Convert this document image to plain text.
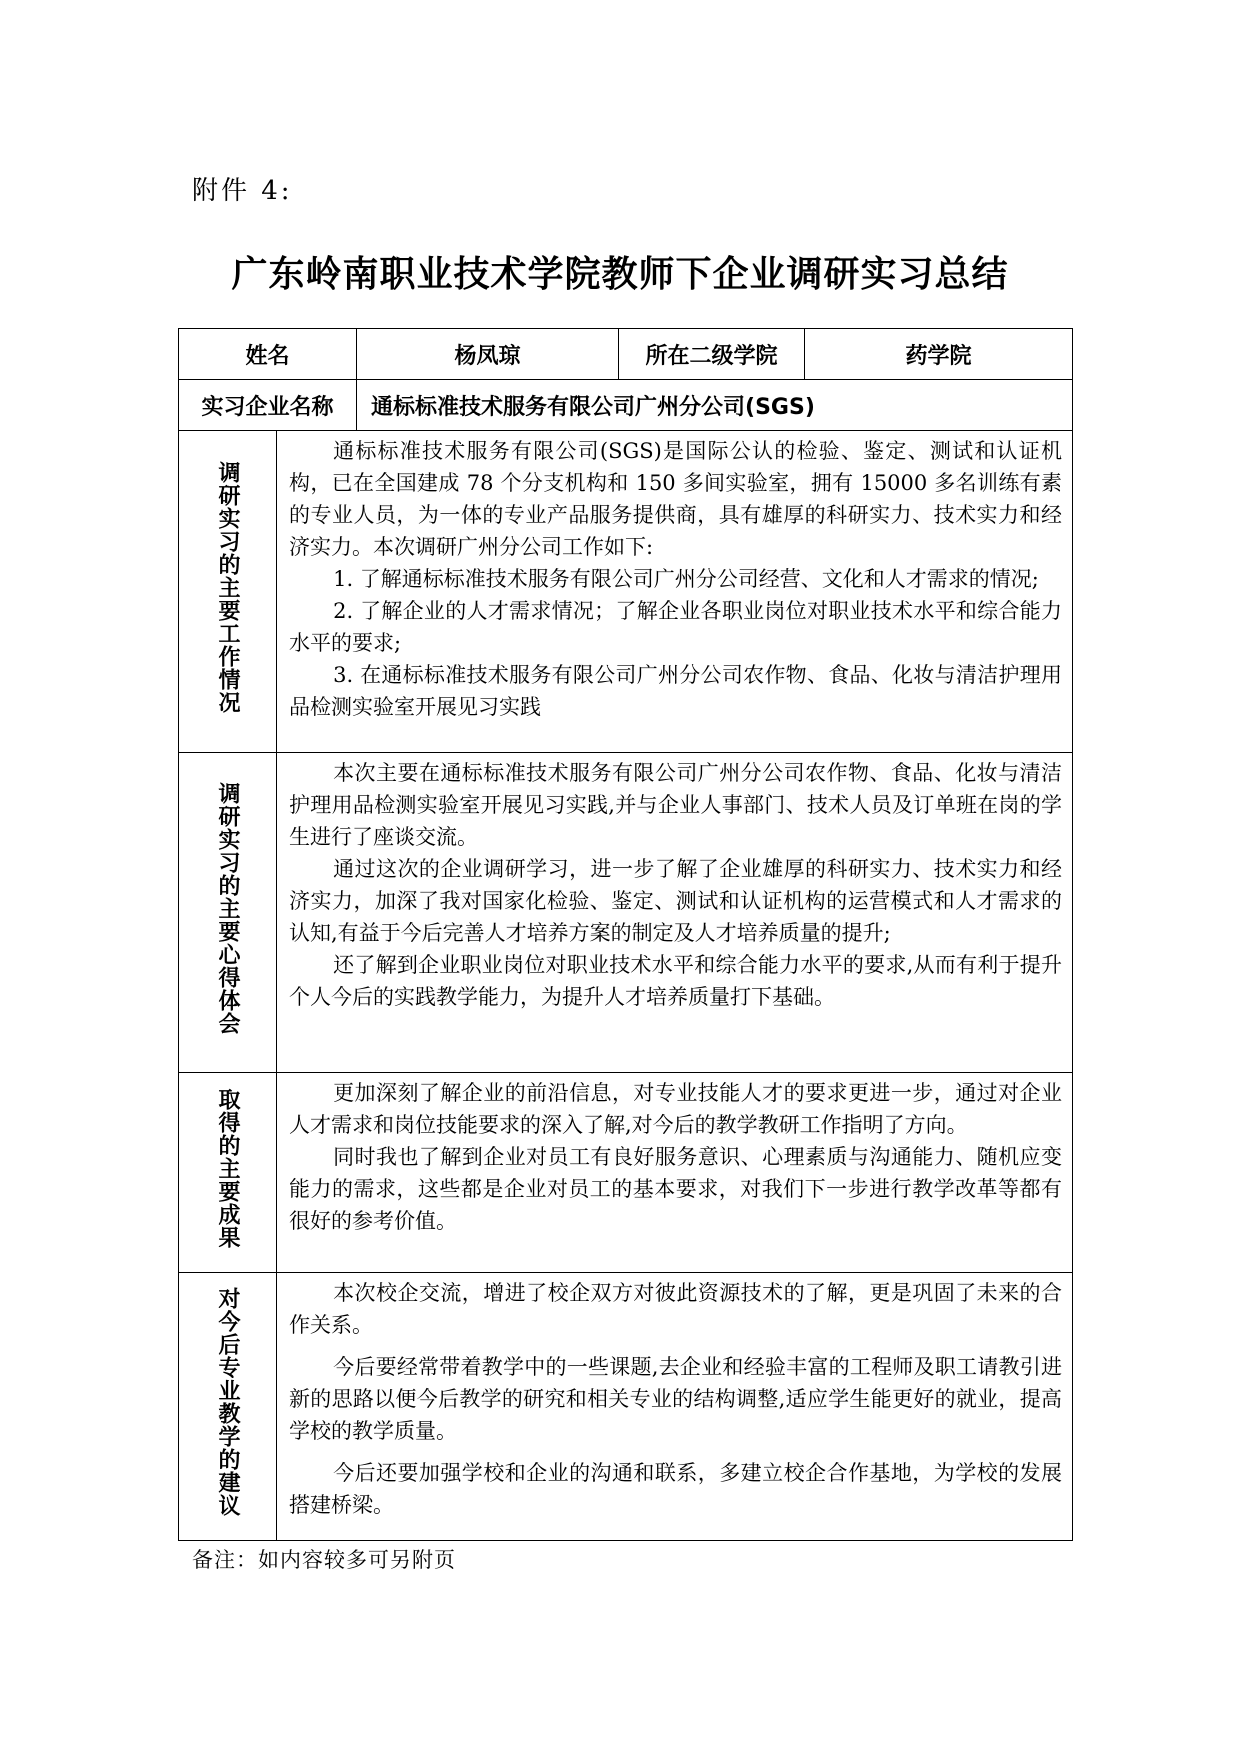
附件 4:
广东岭南职业技术学院教师下企业调研实习总结
姓名		杨凤琼	所在二级学院	药学院
实习企业名称		通标标准技术服务有限公司广州分公司(SGS)		
调研实习的主要工作情况	通标标准技术服务有限公司(SGS)是国际公认的检验、鉴定、测试和认证机构，已在全国建成 78 个分支机构和 150 多间实验室，拥有 15000 多名训练有素的专业人员，为一体的专业产品服务提供商，具有雄厚的科研实力、技术实力和经济实力。本次调研广州分公司工作如下:

1. 了解通标标准技术服务有限公司广州分公司经营、文化和人才需求的情况;

2. 了解企业的人才需求情况；了解企业各职业岗位对职业技术水平和综合能力水平的要求;

3. 在通标标准技术服务有限公司广州分公司农作物、食品、化妆与清洁护理用品检测实验室开展见习实践			

调研实习的主要心得体会	本次主要在通标标准技术服务有限公司广州分公司农作物、食品、化妆与清洁护理用品检测实验室开展见习实践,并与企业人事部门、技术人员及订单班在岗的学生进行了座谈交流。

通过这次的企业调研学习，进一步了解了企业雄厚的科研实力、技术实力和经济实力，加深了我对国家化检验、鉴定、测试和认证机构的运营模式和人才需求的认知,有益于今后完善人才培养方案的制定及人才培养质量的提升;

还了解到企业职业岗位对职业技术水平和综合能力水平的要求,从而有利于提升个人今后的实践教学能力，为提升人才培养质量打下基础。			

取得的主要成果	更加深刻了解企业的前沿信息，对专业技能人才的要求更进一步，通过对企业人才需求和岗位技能要求的深入了解,对今后的教学教研工作指明了方向。

同时我也了解到企业对员工有良好服务意识、心理素质与沟通能力、随机应变能力的需求，这些都是企业对员工的基本要求，对我们下一步进行教学改革等都有很好的参考价值。			

对今后专业教学的建议	本次校企交流，增进了校企双方对彼此资源技术的了解，更是巩固了未来的合作关系。

今后要经常带着教学中的一些课题,去企业和经验丰富的工程师及职工请教引进新的思路以便今后教学的研究和相关专业的结构调整,适应学生能更好的就业，提高学校的教学质量。

今后还要加强学校和企业的沟通和联系，多建立校企合作基地，为学校的发展搭建桥梁。			

备注：如内容较多可另附页
